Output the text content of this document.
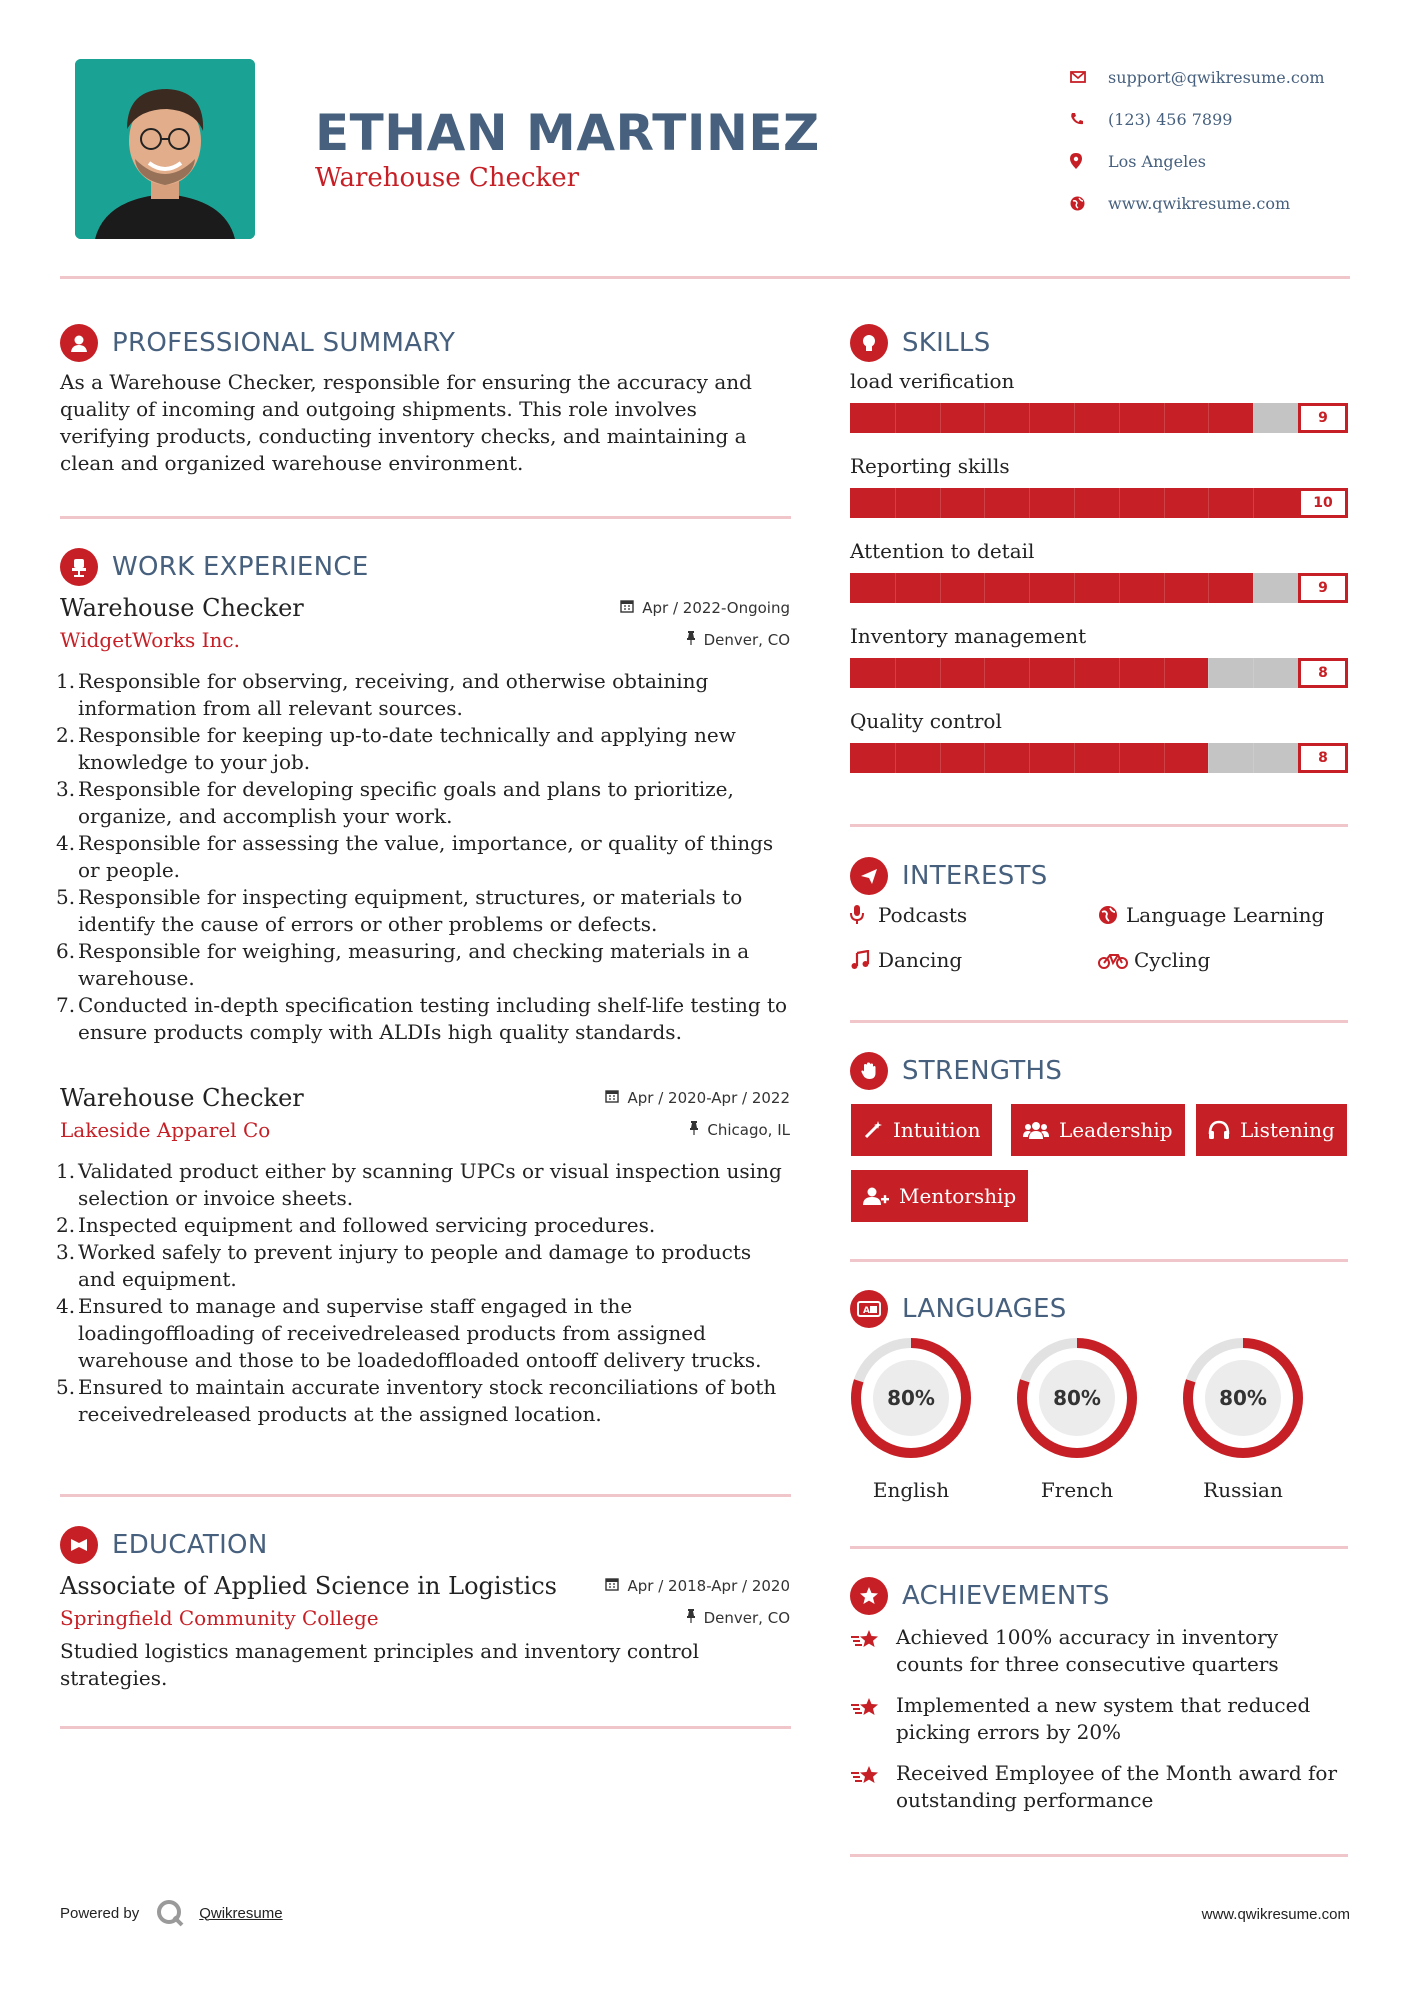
ETHAN MARTINEZ
Warehouse Checker
support@qwikresume.com
(123) 456 7899
Los Angeles
www.qwikresume.com
PROFESSIONAL SUMMARY
As a Warehouse Checker, responsible for ensuring the accuracy and quality of incoming and outgoing shipments. This role involves verifying products, conducting inventory checks, and maintaining a clean and organized warehouse environment.
WORK EXPERIENCE
Warehouse Checker	Apr / 2022-Ongoing
WidgetWorks Inc.	Denver, CO
1. Responsible for observing, receiving, and otherwise obtaining information from all relevant sources.
2. Responsible for keeping up-to-date technically and applying new knowledge to your job.
3. Responsible for developing specific goals and plans to prioritize, organize, and accomplish your work.
4. Responsible for assessing the value, importance, or quality of things or people.
5. Responsible for inspecting equipment, structures, or materials to identify the cause of errors or other problems or defects.
6. Responsible for weighing, measuring, and checking materials in a warehouse.
7. Conducted in-depth specification testing including shelf-life testing to ensure products comply with ALDIs high quality standards.
Warehouse Checker	Apr / 2020-Apr / 2022
Lakeside Apparel Co	Chicago, IL
1. Validated product either by scanning UPCs or visual inspection using selection or invoice sheets.
2. Inspected equipment and followed servicing procedures.
3. Worked safely to prevent injury to people and damage to products and equipment.
4. Ensured to manage and supervise staff engaged in the loadingoffloading of receivedreleased products from assigned warehouse and those to be loadedoffloaded ontooff delivery trucks.
5. Ensured to maintain accurate inventory stock reconciliations of both receivedreleased products at the assigned location.
EDUCATION
Associate of Applied Science in Logistics	Apr / 2018-Apr / 2020
Springfield Community College	Denver, CO
Studied logistics management principles and inventory control strategies.
SKILLS
load verification
9
Reporting skills
10
Attention to detail
9
Inventory management
8
Quality control
8
INTERESTS
Podcasts	Language Learning
Dancing	Cycling
STRENGTHS
Intuition	Leadership	Listening
Mentorship
A LANGUAGES
80%
English
80%
French
80%
Russian
ACHIEVEMENTS
Achieved 100% accuracy in inventory counts for three consecutive quarters
Implemented a new system that reduced picking errors by 20%
Received Employee of the Month award for outstanding performance
Powered by	Qwikresume	www.qwikresume.com
